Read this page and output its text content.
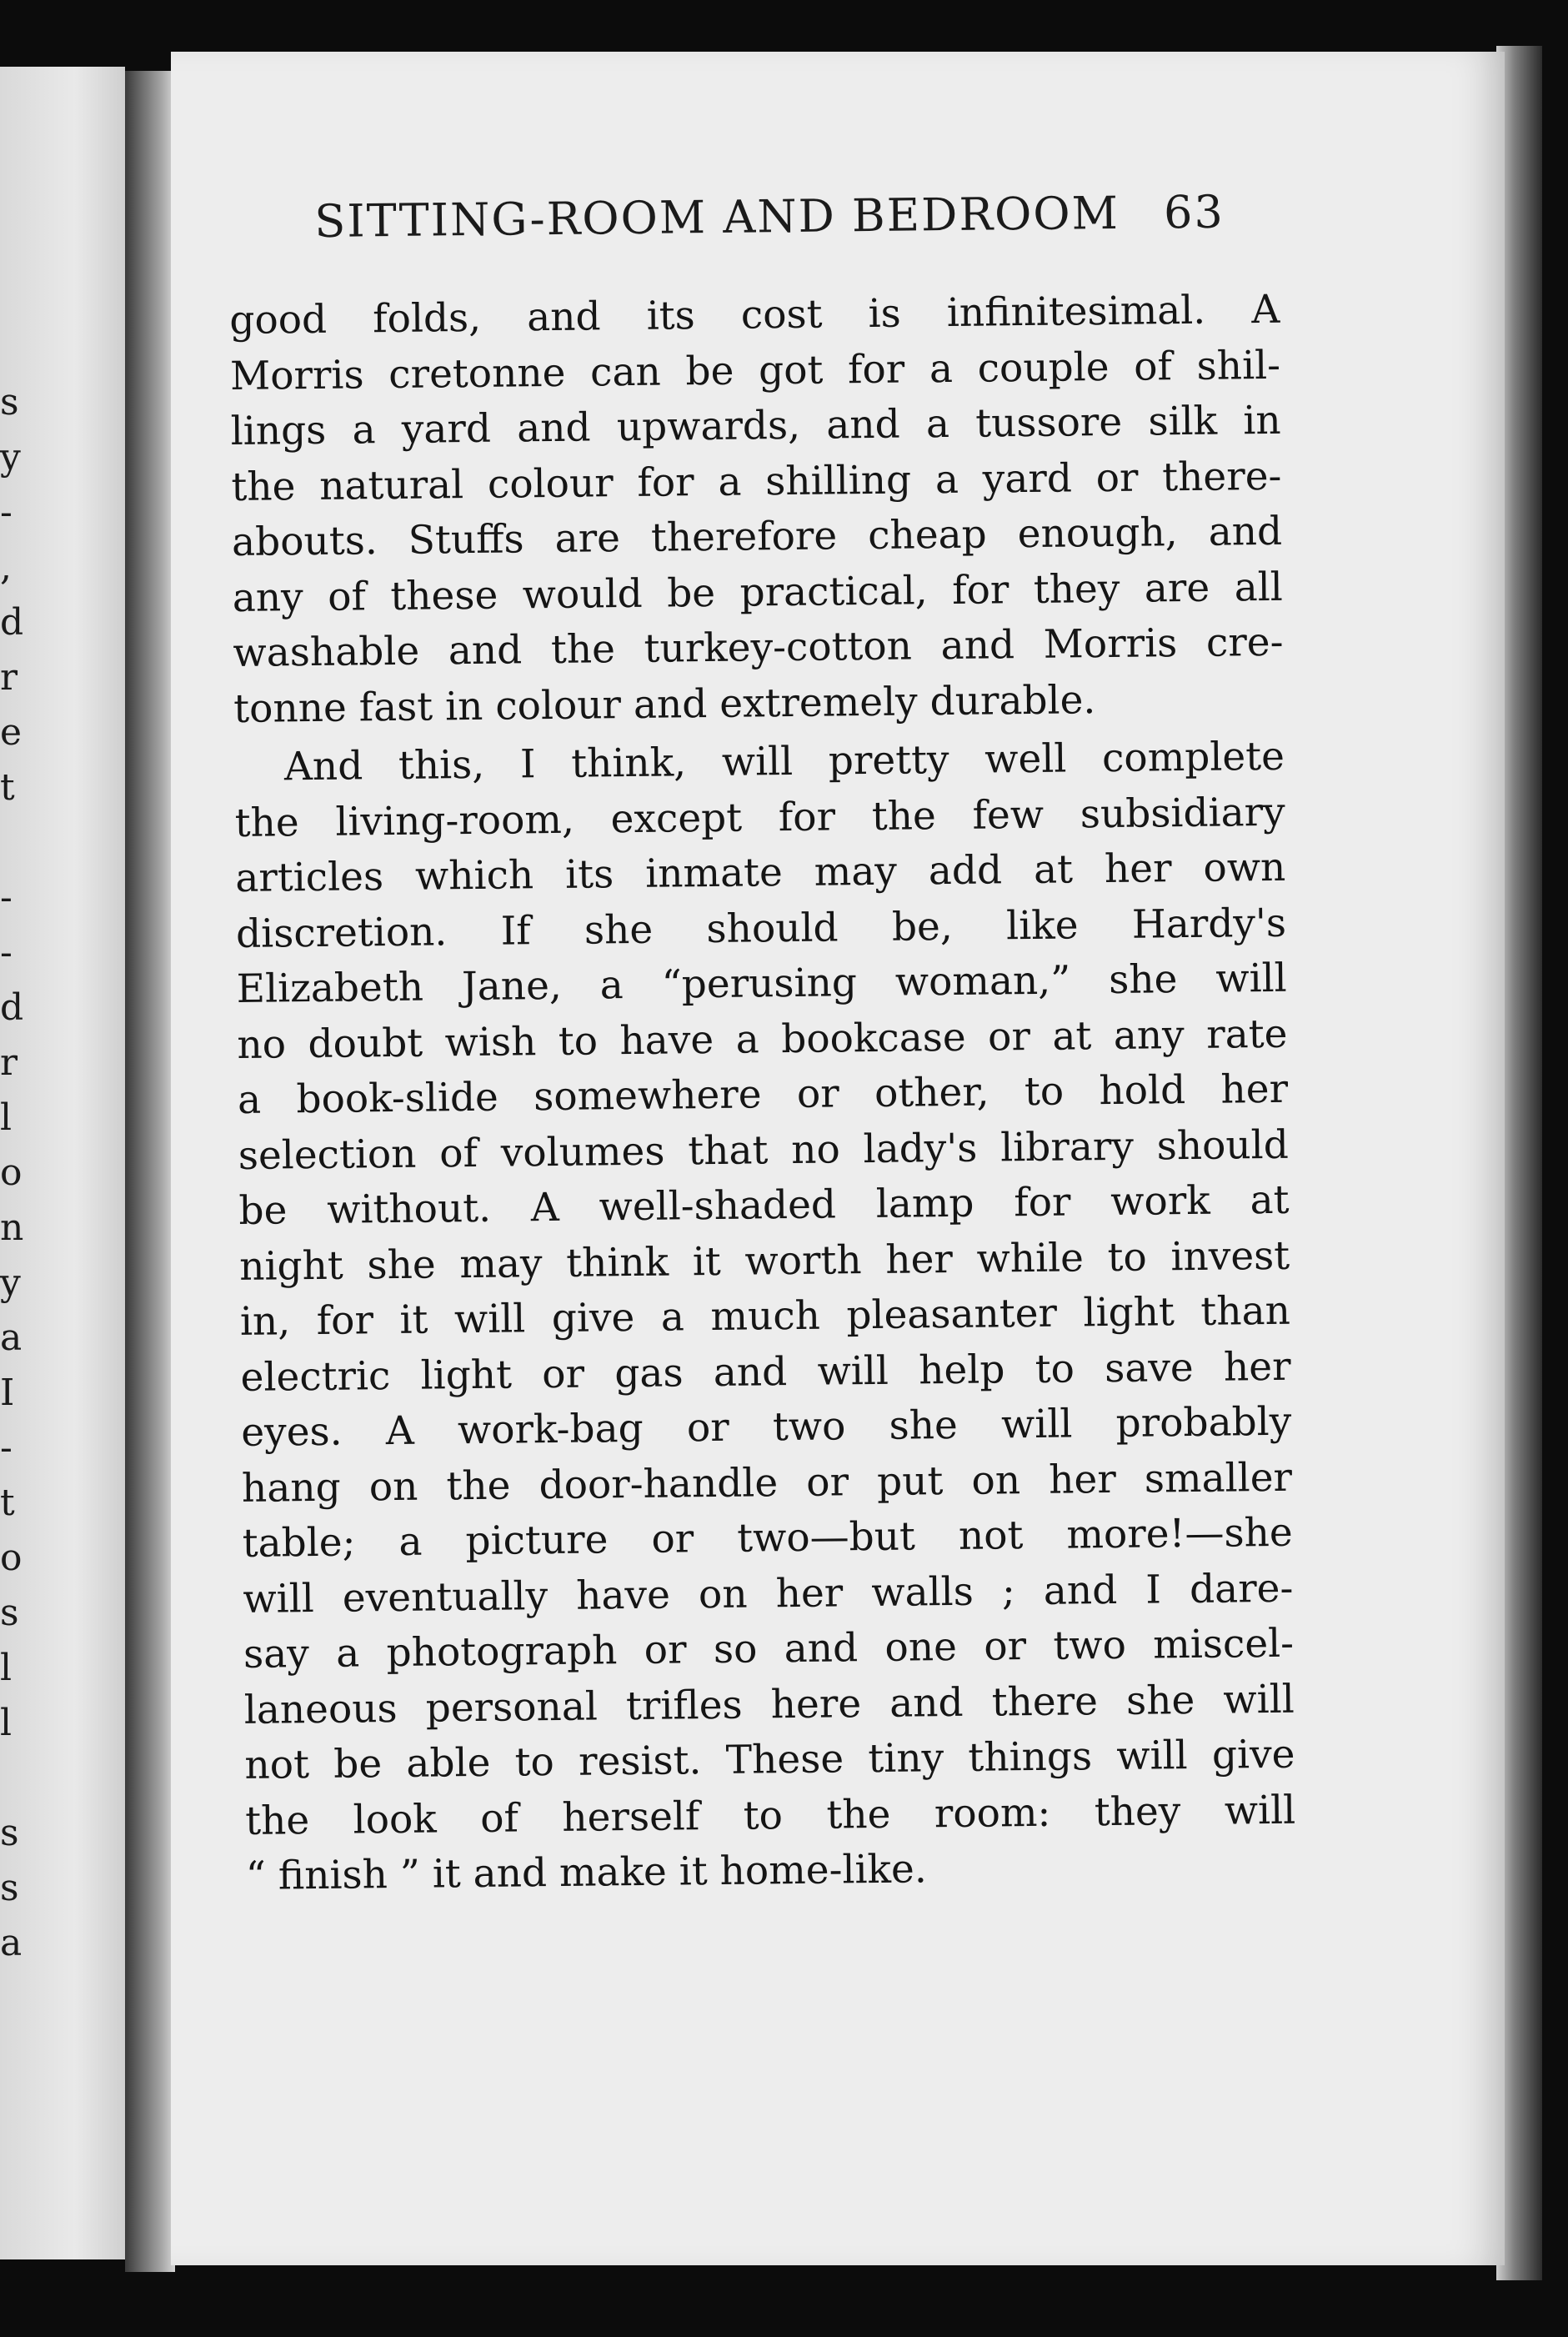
s
y
-
,
d
r
e
t
-
-
d
r
l
o
n
y
a
I
-
t
o
s
l
l
s
s
a
SITTING-ROOM AND BEDROOM 63
good folds, and its cost is infinitesimal. A
Morris cretonne can be got for a couple of shil-
lings a yard and upwards, and a tussore silk in
the natural colour for a shilling a yard or there-
abouts. Stuffs are therefore cheap enough, and
any of these would be practical, for they are all
washable and the turkey-cotton and Morris cre-
tonne fast in colour and extremely durable.
And this, I think, will pretty well complete
the living-room, except for the few subsidiary
articles which its inmate may add at her own
discretion. If she should be, like Hardy's
Elizabeth Jane, a “perusing woman,” she will
no doubt wish to have a bookcase or at any rate
a book-slide somewhere or other, to hold her
selection of volumes that no lady's library should
be without. A well-shaded lamp for work at
night she may think it worth her while to invest
in, for it will give a much pleasanter light than
electric light or gas and will help to save her
eyes. A work-bag or two she will probably
hang on the door-handle or put on her smaller
table; a picture or two—but not more!—she
will eventually have on her walls ; and I dare-
say a photograph or so and one or two miscel-
laneous personal trifles here and there she will
not be able to resist. These tiny things will give
the look of herself to the room: they will
“ finish ” it and make it home-like.
